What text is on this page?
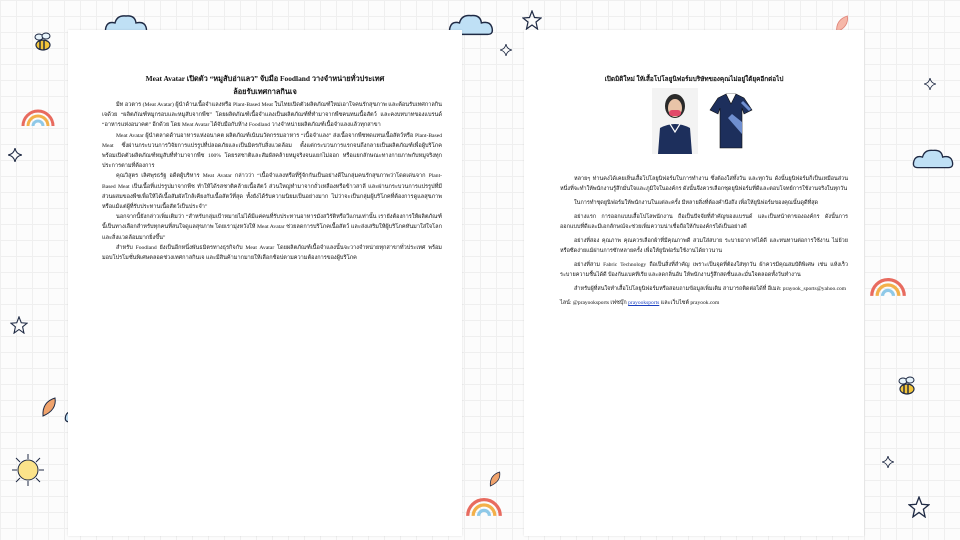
Meat Avatar เปิดตัว “หมูสับอ่าแลว” จับมือ Foodland วางจำหน่ายทั่วประเทศ
ล้อยรับเทศกาลกินเจ

มีท อวตาร (Meat Avatar) ผู้นำด้านเนื้อจำแลงหรือ Plant-Based Meat ในไทยเปิดตัวผลิตภัณฑ์ใหม่เอาใจคนรักสุขภาพ และต้อนรับเทศกาลกินเจด้วย “ผลิตภัณฑ์หมูกรอบและหมูสับจากพืช” โดยผลิตภัณฑ์เนื้อจำแลงเป็นผลิตภัณฑ์ที่ทำมาจากพืชคนทนเนื้อสัตว์ และคงบทบาทของแบรนด์ “อาหารแห่งอนาคต” อีกด้วย โดย Meat Avatar ได้จับมือกับห้าง Foodland วางจำหน่ายผลิตภัณฑ์เนื้อจำแลงแล้วทุกสาขา

Meat Avatar ผู้นำตลาดด้านอาหารแห่งอนาคต ผลิตภัณฑ์เน้นนวัตกรรมอาหาร “เนื้อจำแลง” ส่งเนื้อจากพืชทดแทนเนื้อสัตว์หรือ Plant-Based Meat ซึ่งผ่านกระบวนการวิจัยการแปรรูปที่ปลอดภัยและเป็นมิตรกับสิ่งแวดล้อม ตั้งแต่กระบวนการแรกจนถึงกลายเป็นผลิตภัณฑ์เพื่อผู้บริโภค พร้อมเปิดตัวผลิตภัณฑ์หมูสับที่ทำมาจากพืช 100% โดยรสชาติและสัมผัสคล้ายหมูจริงจนแยกไม่ออก หรือแยกลักษณะทางกายภาพกับหมูจริงทุกประการตามที่ต้องการ

คุณวิสูตร เลิศพุรธรัฐ อดีตผู้บริหาร Meat Avatar กล่าวว่า “เนื้อจำแลงหรือที่รู้จักกันเป็นอย่างดีในกลุ่มคนรักสุขภาพว่าโดดเด่นจาก Plant-Based Meat เป็นเนื้อที่แปรรูปมาจากพืช ทำให้ได้รสชาติคล้ายเนื้อสัตว์ ส่วนใหญ่ทำมาจากถั่วเหลืองหรือข้าวสาลี และผ่านกระบวนการแปรรูปที่มีส่วนผสมของพืชเพื่อให้ได้เนื้อสัมผัสใกล้เคียงกับเนื้อสัตว์ที่สุด ทั้งยังได้รับความนิยมเป็นอย่างมาก ไม่ว่าจะเป็นกลุ่มผู้บริโภคที่ต้องการดูแลสุขภาพ หรือแม้แต่ผู้ที่รับประทานเนื้อสัตว์เป็นประจำ”

นอกจากนี้ยังกล่าวเพิ่มเติมว่า “สำหรับกลุ่มเป้าหมายไม่ได้มีแค่คนที่รับประทานอาหารมังสวิรัติหรือวีแกนเท่านั้น เรายังต้องการให้ผลิตภัณฑ์นี้เป็นทางเลือกสำหรับทุกคนที่สนใจดูแลสุขภาพ โดยเรามุ่งหวังให้ Meat Avatar ช่วยลดการบริโภคเนื้อสัตว์ และส่งเสริมให้ผู้บริโภคหันมาใส่ใจโลกและสิ่งแวดล้อมมากยิ่งขึ้น”

สำหรับ Foodland ยังเป็นอีกหนึ่งพันธมิตรทางธุรกิจกับ Meat Avatar โดยผลิตภัณฑ์เนื้อจำแลงนั้นจะวางจำหน่ายทุกสาขาทั่วประเทศ พร้อมมอบโปรโมชั่นพิเศษตลอดช่วงเทศกาลกินเจ และมีสินค้ามากมายให้เลือกช้อปตามความต้องการของผู้บริโภค

เปิดมิติใหม่ ให้เสื้อโปโลยูนิฟอร์มบริษัทของคุณไม่อยู่ใต้ยุคอีกต่อไป

หลายๆ ท่านคงได้เคยเห็นเสื้อโปโลยูนิฟอร์มในการทำงาน ซึ่งต้องใส่ทั้งวัน และทุกวัน ดังนั้นยูนิฟอร์มก็เป็นเหมือนส่วนหนึ่งที่จะทำให้พนักงานรู้สึกมั่นใจและภูมิใจในองค์กร ดังนั้นจึงควรเลือกชุดยูนิฟอร์มที่ดีและตอบโจทย์การใช้งานจริงในทุกวัน

ในการทำชุดยูนิฟอร์มให้พนักงานในแต่ละครั้ง มีหลายสิ่งที่ต้องคำนึงถึง เพื่อให้ยูนิฟอร์มของคุณนั้นดูดีที่สุด

อย่างแรก การออกแบบเสื้อโปโลพนักงาน ถือเป็นปัจจัยที่สำคัญของแบรนด์ และเป็นหน้าตาขององค์กร ดังนั้นการออกแบบที่ดีและมีเอกลักษณ์จะช่วยเพิ่มความน่าเชื่อถือให้กับองค์กรได้เป็นอย่างดี

อย่างที่สอง คุณภาพ คุณควรเลือกผ้าที่มีคุณภาพดี สวมใส่สบาย ระบายอากาศได้ดี และทนทานต่อการใช้งาน ไม่ย้วยหรือซีดง่ายแม้ผ่านการซักหลายครั้ง เพื่อให้ยูนิฟอร์มใช้งานได้ยาวนาน

อย่างที่สาม Fabric Technology ถือเป็นสิ่งที่สำคัญ เพราะเป็นจุดที่ต้องใส่ทุกวัน ผ้าควรมีคุณสมบัติพิเศษ เช่น แห้งเร็ว ระบายความชื้นได้ดี ป้องกันแบคทีเรีย และลดกลิ่นอับ ให้พนักงานรู้สึกสดชื่นและมั่นใจตลอดทั้งวันทำงาน

สำหรับผู้ที่สนใจทำเสื้อโปโลยูนิฟอร์มหรือสอบถามข้อมูลเพิ่มเติม สามารถติดต่อได้ที่ อีเมล: prayook_sports@yahoo.com

ไลน์: @prayooksports เฟซบุ๊ก prayooksports และเว็บไซต์ prayook.com
